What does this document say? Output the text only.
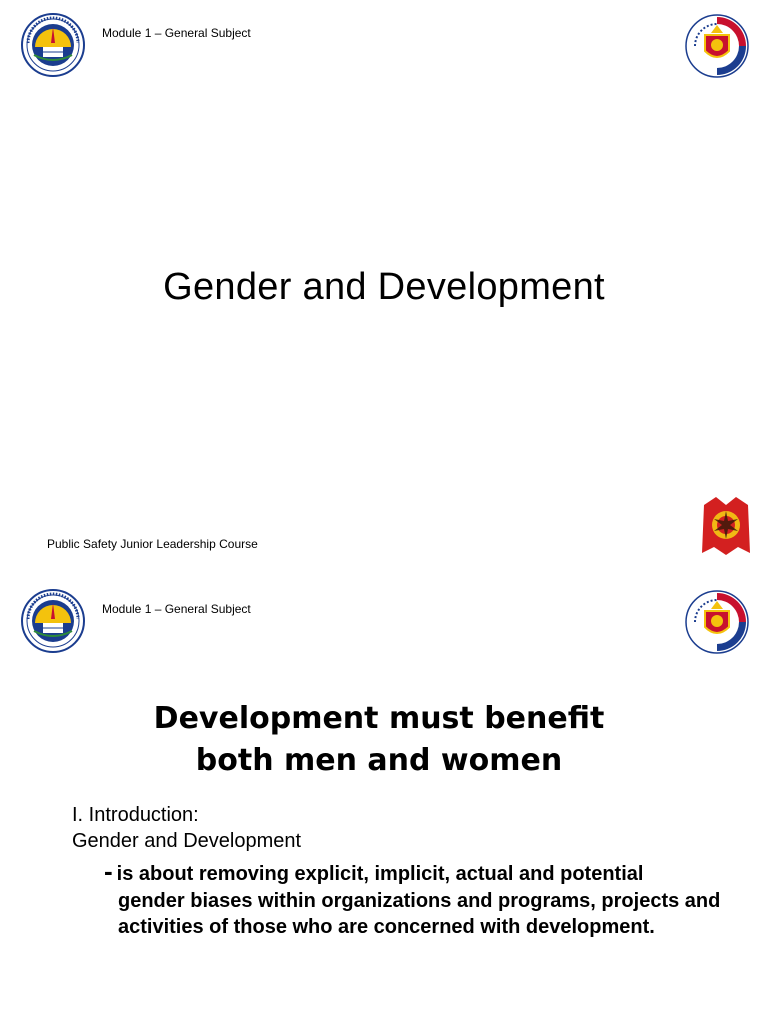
Module 1 – General Subject
Gender and Development
Public Safety Junior Leadership Course
Module 1 – General Subject
Development must benefit
both men and women
I. Introduction:
Gender and Development
- is about removing explicit, implicit, actual and potential
gender biases within organizations and programs, projects and activities of those who are concerned with development.
